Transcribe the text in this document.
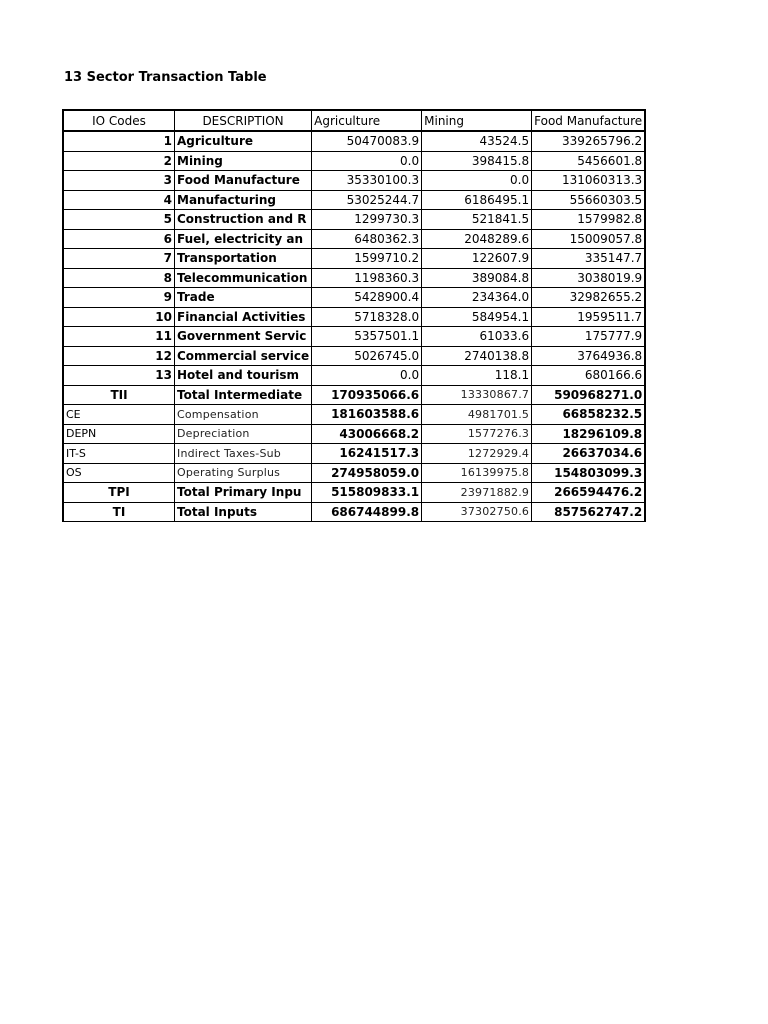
13 Sector Transaction Table
IO Codes	DESCRIPTION	Agriculture	Mining	Food Manufacture
1	Agriculture	50470083.9	43524.5	339265796.2
2	Mining	0.0	398415.8	5456601.8
3	Food Manufacture	35330100.3	0.0	131060313.3
4	Manufacturing	53025244.7	6186495.1	55660303.5
5	Construction and R	1299730.3	521841.5	1579982.8
6	Fuel, electricity an	6480362.3	2048289.6	15009057.8
7	Transportation	1599710.2	122607.9	335147.7
8	Telecommunication	1198360.3	389084.8	3038019.9
9	Trade	5428900.4	234364.0	32982655.2
10	Financial Activities	5718328.0	584954.1	1959511.7
11	Government Servic	5357501.1	61033.6	175777.9
12	Commercial service	5026745.0	2740138.8	3764936.8
13	Hotel and tourism	0.0	118.1	680166.6
TII	Total Intermediate	170935066.6	13330867.7	590968271.0
CE	Compensation	181603588.6	4981701.5	66858232.5
DEPN	Depreciation	43006668.2	1577276.3	18296109.8
IT-S	Indirect Taxes-Sub	16241517.3	1272929.4	26637034.6
OS	Operating Surplus	274958059.0	16139975.8	154803099.3
TPI	Total Primary Inpu	515809833.1	23971882.9	266594476.2
TI	Total Inputs	686744899.8	37302750.6	857562747.2
